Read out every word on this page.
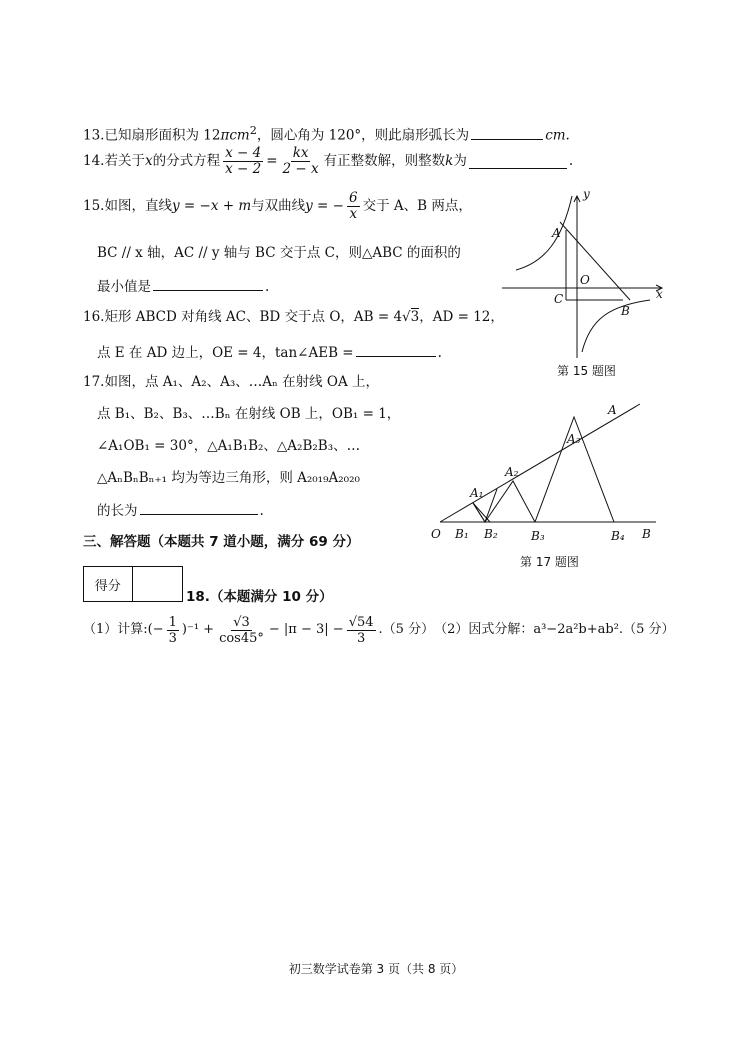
13.已知扇形面积为 12πcm$^2$，圆心角为 120°，则此扇形弧长为	cm.
14.若关于 x 的分式方程 $\frac{x - 4}{x - 2} = \frac{kx}{2 - x}$ 有正整数解，则整数 k 为	.
15.如图，直线 y = −x + m 与双曲线 y = − $\frac{6}{x}$ 交于 A、B 两点，
BC // x 轴，AC // y 轴与 BC 交于点 C，则△ABC 的面积的
最小值是	.
16.矩形 ABCD 对角线 AC、BD 交于点 O，AB = 4√3，AD = 12，
点 E 在 AD 边上，OE = 4，tan∠AEB =	.
17.如图，点 A₁、A₂、A₃、…Aₙ 在射线 OA 上，
点 B₁、B₂、B₃、…Bₙ 在射线 OB 上，OB₁ = 1，
∠A₁OB₁ = 30°，△A₁B₁B₂、△A₂B₂B₃、…
△AₙBₙBₙ₊₁ 均为等边三角形，则 A₂₀₁₉A₂₀₂₀
的长为	.
三、解答题（本题共 7 道小题，满分 69 分）
得分
18.（本题满分 10 分）
（1）计算: (− $\frac{1}{3} )^{-1} + \frac{√3}{\cos 45^\circ} - |\pi - 3| - \frac{√54}{3} .(5$ 分） （2）因式分解：a³−2a²b+ab².（5 分）
y
x
A
O
C
B
第 15 题图
A
A₃
A₂
A₁
O B₁ B₂	B₃	B₄ B
第 17 题图
初三数学试卷第 3 页（共 8 页）
